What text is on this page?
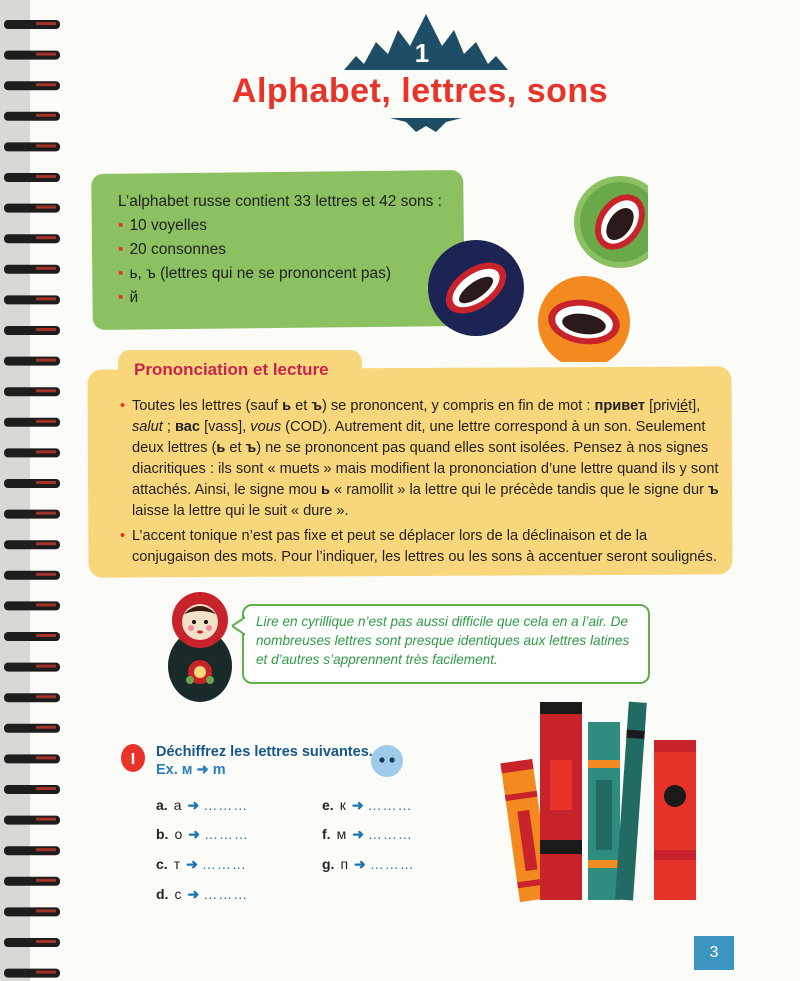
1
Alphabet, lettres, sons
L’alphabet russe contient 33 lettres et 42 sons :
• 10 voyelles
• 20 consonnes
• ь, ъ (lettres qui ne se prononcent pas)
• й
Prononciation et lecture

• Toutes les lettres (sauf ь et ъ) se prononcent, y compris en fin de mot : привет [priviét], salut ; вас [vass], vous (COD). Autrement dit, une lettre correspond à un son. Seulement deux lettres (ь et ъ) ne se prononcent pas quand elles sont isolées. Pensez à nos signes diacritiques : ils sont « muets » mais modifient la prononciation d’une lettre quand ils y sont attachés. Ainsi, le signe mou ь « ramollit » la lettre qui le précède tandis que le signe dur ъ laisse la lettre qui le suit « dure ».

• L’accent tonique n’est pas fixe et peut se déplacer lors de la déclinaison et de la conjugaison des mots. Pour l’indiquer, les lettres ou les sons à accentuer seront soulignés.

Lire en cyrillique n’est pas aussi difficile que cela en a l’air. De nombreuses lettres sont presque identiques aux lettres latines et d’autres s’apprennent très facilement.
I Déchiffrez les lettres suivantes.
Ex. м ➜ m
a. а ➜ ………
b. о ➜ ………
c. т ➜ ………
d. с ➜ ………
e. к ➜ ………
f. м ➜ ………
g. п ➜ ………
3
